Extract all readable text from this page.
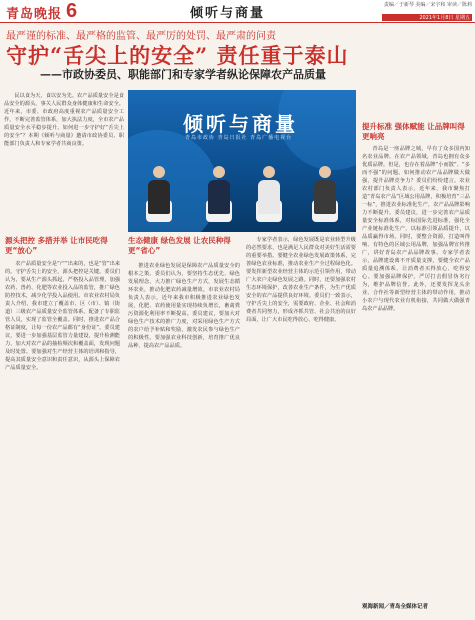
青岛晚报 6	倾听与商量
责编／于新琴 美编／宋宇和 审读／陈莉
2021年1月8日 星期五
最严谨的标准、最严格的监管、最严厉的处罚、最严肃的问责
守护“舌尖上的安全” 责任重于泰山
——市政协委员、职能部门和专家学者纵论保障农产品质量

民以食为天，食以安为先。农产品质量安全是食品安全的源头，事关人民群众身体健康和生命安全。近年来，市委、市政府高度重视农产品质量安全工作，不断完善监管体系，加大执法力度，全市农产品质量安全水平稳步提升。如何进一步守护好“舌尖上的安全”？本期《倾听与商量》邀请市政协委员、职能部门负责人和专家学者共商良策。

倾听与商量
青岛市政协 青岛日报社 青岛广播电视台
提升标准 强体赋能 让品牌叫得更响亮

青岛是一座品牌之城，早有了众多国内知名农业品牌。在农产品领域，青岛也拥有众多优质品牌。但是，也存在着品牌“小而散”、“多而不强”的问题。如何推动农产品品牌做大做强，提升品牌竞争力？委员们纷纷建言。农业农村部门负责人表示，近年来，我市聚焦打造“青岛农产品”区域公用品牌，积极培育“三品一标”，推进农业标准化生产，农产品品牌影响力不断提升。委员建议，进一步完善农产品质量安全标准体系，对标国际先进标准，强化全产业链标准化生产，以标准引领品质提升，以品质赢得市场。同时，要整合资源，打造叫得响、有特色的区域公用品牌，加强品牌宣传推广，讲好青岛农产品品牌故事。专家学者表示，品牌建设离不开质量支撑，要健全农产品质量追溯体系，让消费者买得放心、吃得安心。要加强品牌保护，严厉打击假冒伪劣行为，维护品牌信誉。此外，还要发挥龙头企业、合作社等新型经营主体的带动作用，推动小农户与现代农业有机衔接，共同做大做强青岛农产品品牌。

源头把控 多措并举 让市民吃得更“放心”

农产品质量安全是“产”出来的，也是“管”出来的。守护舌尖上的安全，源头把控是关键。委员们认为，要从生产源头抓起，严格投入品管理，加强农药、兽药、化肥等农业投入品的监管，推广绿色防控技术，减少化学投入品使用。市农业农村局负责人介绍，我市建立了覆盖市、区（市）、镇（街道）三级农产品质量安全监管体系，配备了专职监管人员，实现了监管全覆盖。同时，推进农产品合格证制度，让每一份农产品都有“身份证”。委员建议，要进一步加强基层监管力量建设，提升检测能力，加大对农产品的抽检频次和覆盖面，发现问题及时处置。要加强对生产经营主体的培训和指导，提高其质量安全意识和责任意识，从源头上保障农产品质量安全。

生态健康 绿色发展 让农民种得更“省心”

推进农业绿色发展是保障农产品质量安全的根本之策。委员们认为，要坚持生态优先、绿色发展理念，大力推广绿色生产方式，发展生态循环农业，推动化肥农药减量增效。市农业农村局负责人表示，近年来我市积极推进农业绿色发展，化肥、农药使用量实现持续负增长，畜禽粪污资源化利用率不断提高。委员建议，要加大对绿色生产技术的推广力度，对采用绿色生产方式的农户给予补贴和奖励，激发农民参与绿色生产的积极性。要加强农业科技创新，培育推广优良品种，提高农产品品质。

专家学者表示，绿色发展既是农业转型升级的必然要求，也是满足人民群众对美好生活需要的重要举措。要健全农业绿色发展政策体系，完善绿色农业标准，推动农业生产全过程绿色化。要发挥新型农业经营主体的示范引领作用，带动广大农户走绿色发展之路。同时，还要加强农村生态环境保护，改善农业生产条件，为生产优质安全的农产品提供良好环境。委员们一致表示，守护舌尖上的安全，需要政府、企业、社会和消费者共同努力，形成齐抓共管、社会共治的良好局面，让广大市民吃得放心、吃得健康。

观海新闻／青岛全媒体记者
